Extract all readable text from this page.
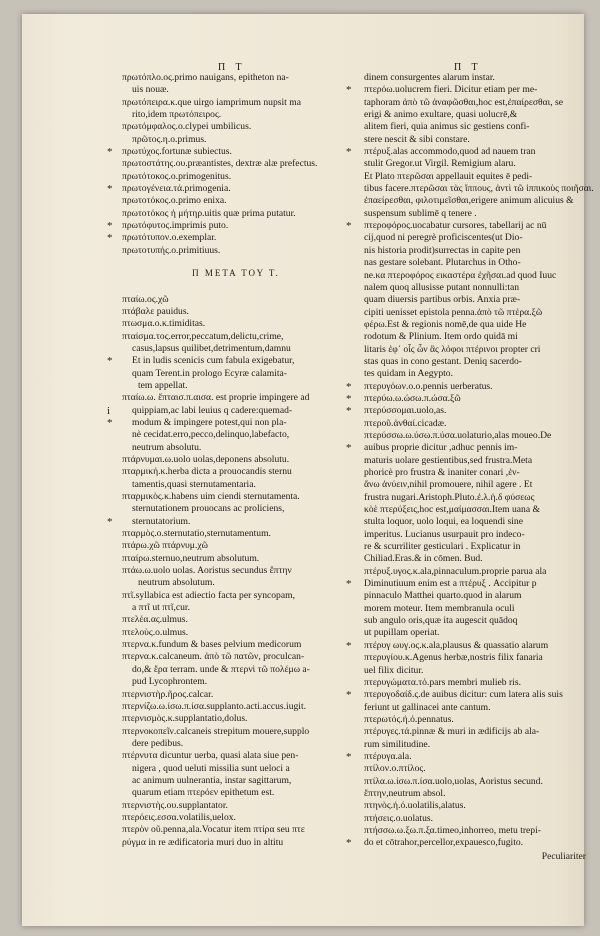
Π Τ	Π Τ
πρωτόπλο.ος.primo nauigans, epitheton na-
uis nouæ.
πρωτόπειρα.κ.que uirgo iamprimum nupsit ma
rito,idem πρωτόπειρος.
πρωτόμφαλος.ο.clypei umbilicus.
πρῶτος.η.ο.primus.
* πρωτύχος.fortunæ subiectus.
πρωτοστάτης.ου.præantistes, dextræ alæ prefectus.
πρωτότοκος.ο.primogenitus.
* πρωτογένεια.τά.primogenia.
πρωτοτόκος.ο.primo enixa.
πρωτοτόκος ἡ μήτηρ.uitis quæ prima putatur.
* πρωτόφυτος.imprimis puto.
* πρωτότυπον.ο.exemplar.
πρωτοτυπής.ο.primitiuus.
Π ΜΕΤΑ ΤΟΥ Τ.
πταίω.ος.χῶ
πτάβαλε pauidus.
πτωσμα.ο.κ.timiditas.
πταίσμα.τος.error,peccatum,delictu,crime,
casus,lapsus quilibet,detrimentum,damnu
* Et in ludis scenicis cum fabula exigebatur,
quam Terent.in prologo Ecyræ calamita-
tem appellat.
πταίω.ω. ἔπταισ.π.αισα. est proprie impingere ad
i quippiam,ac labi leuius q cadere:quemad-
* modum & impingere potest,qui non pla-
nè cecidat.erro,pecco,delinquo,labefacto,
neutrum absolutu.
πτάρνυμαι.ω.uolo uolas,deponens absolutu.
πταρμική.κ.herba dicta a prouocandis sternu
tamentis,quasi sternutamentaria.
πταρμικὸς.κ.habens uim ciendi sternutamenta.
sternutationem prouocans ac proliciens,
* sternutatorium.
πταρμὸς.ο.sternutatio,sternutamentum.
πτάρω.χῶ πτάρνυμ.χῶ
πταίρω.sternuo,neutrum absolutum.
πτάω.ω.uolo uolas. Aoristus secundus ἔπτην
neutrum absolutum.
πτῖ.syllabica est adiectio facta per syncopam,
a πτῖ ut πτῖ,cur.
πτελέα.ας.ulmus.
πτελοὺς.ο.ulmus.
πτερνα.κ.fundum & bases pelvium medicorum
πτερνα.κ.calcaneum. ἀπὸ τῶ πατῶν, proculcan-
do,& ἔρα terram. unde & πτερνὶ τῶ πολέμω a-
pud Lycophrontem.
πτερνιστὴρ.ῆρος.calcar.
πτερνίζω.ω.ίσω.π.ίσα.supplanto.acti.accus.iugit.
πτερνισμὸς.κ.supplantatio,dolus.
πτερνοκοπεῖν.calcaneis strepitum mouere,supplo
dere pedibus.
πτέρνυτα dicuntur uerba, quasi alata siue pen-
nigera , quod ueluti missilia sunt ueloci a
ac animum uulnerantia, instar sagittarum,
quarum etiam πτερόεν epithetum est.
πτερνιστὴς.ου.supplantator.
πτερόεις.εσσα.volatilis,uelox.
πτερὸν οῦ.penna,ala.Vocatur item πτίρα seu πτε
ρύγμα in re ædificatoria muri duo in altitu
dinem consurgentes alarum instar.
* πτερόω.uolucrem fieri. Dicitur etiam per me-
taphoram ἀπὸ τῶ ἀναφῶσθαι,hoc est,ἐπαίρεσθαι, se
erigi & animo exultare, quasi uolucrē,&
alitem fieri, quia animus sic gestiens confi-
stere nescit & sibi constare.
* πτέρυξ.alas accommodo,quod ad nauem tran
stulit Gregor.ut Virgil. Remigium alaru.
Et Plato πτερῶσαι appellauit equites ē pedi-
tibus facere.πτερῶσαι τὰς ἵππους, ἀντὶ τῶ ἱππικοὺς ποιῆσαι.
ἐπαείρεσθαι, φιλοτιμεῖσθαι,erigere animum alicuius &
suspensum sublimē q tenere .
* πτεροφόρος.uocabatur cursores, tabellarij ac nū
cij,quod ni peregrè proficiscentes(ut Dio-
nis historia prodit)surrectas in capite pen
nas gestare solebant. Plutarchus in Otho-
ne.κα πτεροφόρος εικαστέρα ἐχῆσαι.ad quod Iuuc
nalem quoq allusisse putant nonnulli:tan
quam diuersis partibus orbis. Anxia præ-
cipiti uenisset epistola penna.ἀπὸ τῶ πτέρα.ξῶ
φέρω.Est & regionis nomē,de qua uide He
rodotum & Plinium. Item ordo quidā mi
litaris ἐφ᾿ οἷς ὧν ἃς λόφοι πτέρινοι propter cri
stas quas in cono gestant. Deniq sacerdo-
tes quidam in Aegypto.
* πτερυγόων.ο.ο.pennis uerberatus.
* πτερύω.ω.ώσω.π.ώσα.ξῶ
* πτερύσσομαι.uolo,as.
πτεροῦ.ἀνθαί.cicadæ.
πτερύσσω.ω.ύσω.π.ύσα.uolaturio,alas moueo.De
* auibus proprie dicitur ,adhuc pennis im-
maturis uolare gestientibus,sed frustra.Meta
phoricè pro frustra & inaniter conari ,ἐν-
ἄνω ἀνύειν,nihil promouere, nihil agere . Et
frustra nugari.Aristoph.Pluto.ἐ.λ.ἡ.δ φύσεως
κὸὲ πτερύξεις,hoc est,μαίμασσαι.Item uana &
stulta loquor, uolo loqui, ea loquendi sine
imperitus. Lucianus usurpauit pro indeco-
re & scurriliter gesticulari . Explicatur in
Chiliad.Eras.& in cōmen. Bud.
πτέρυξ.υγος.κ.ala,pinnaculum.proprie parua ala
* Diminutiuum enim est a πτέρυξ . Accipitur p
pinnaculo Matthei quarto.quod in alarum
morem moteur. Item membranula oculi
sub angulo oris,quæ ita augescit quādoq
ut pupillam operiat.
* πτέρυγ ωυγ.ος.κ.ala,plausus & quassatio alarum
πτερυγίου.κ.Agenus herbæ,nostris filix fanaria
uel filix dicitur.
πτερυγώματα.τό.pars membri mulieb ris.
* πτερυγοδαίδ.ς.de auibus dicitur: cum latera alis suis
feriunt ut gallinacei ante cantum.
πτερωτός.ή.ό.pennatus.
πτέρυγες.τά.pinnæ & muri in ædificijs ab ala-
rum similitudine.
* πτέρυγα.ala.
πτίλον.ο.πτίλος.
πτίλα.ω.ίσω.π.ίσα.uolo,uolas, Aoristus secund.
ἔπτην,neutrum absol.
πτηνὸς.ή.ό.uolatilis,alatus.
πτήσεις.ο.uolatus.
πτήσσω.ω.ξω.π.ξα.timeo,inhorreo, metu trepi-
* do et cōtrahor,percellor,expauesco,fugito.
Peculiariter
